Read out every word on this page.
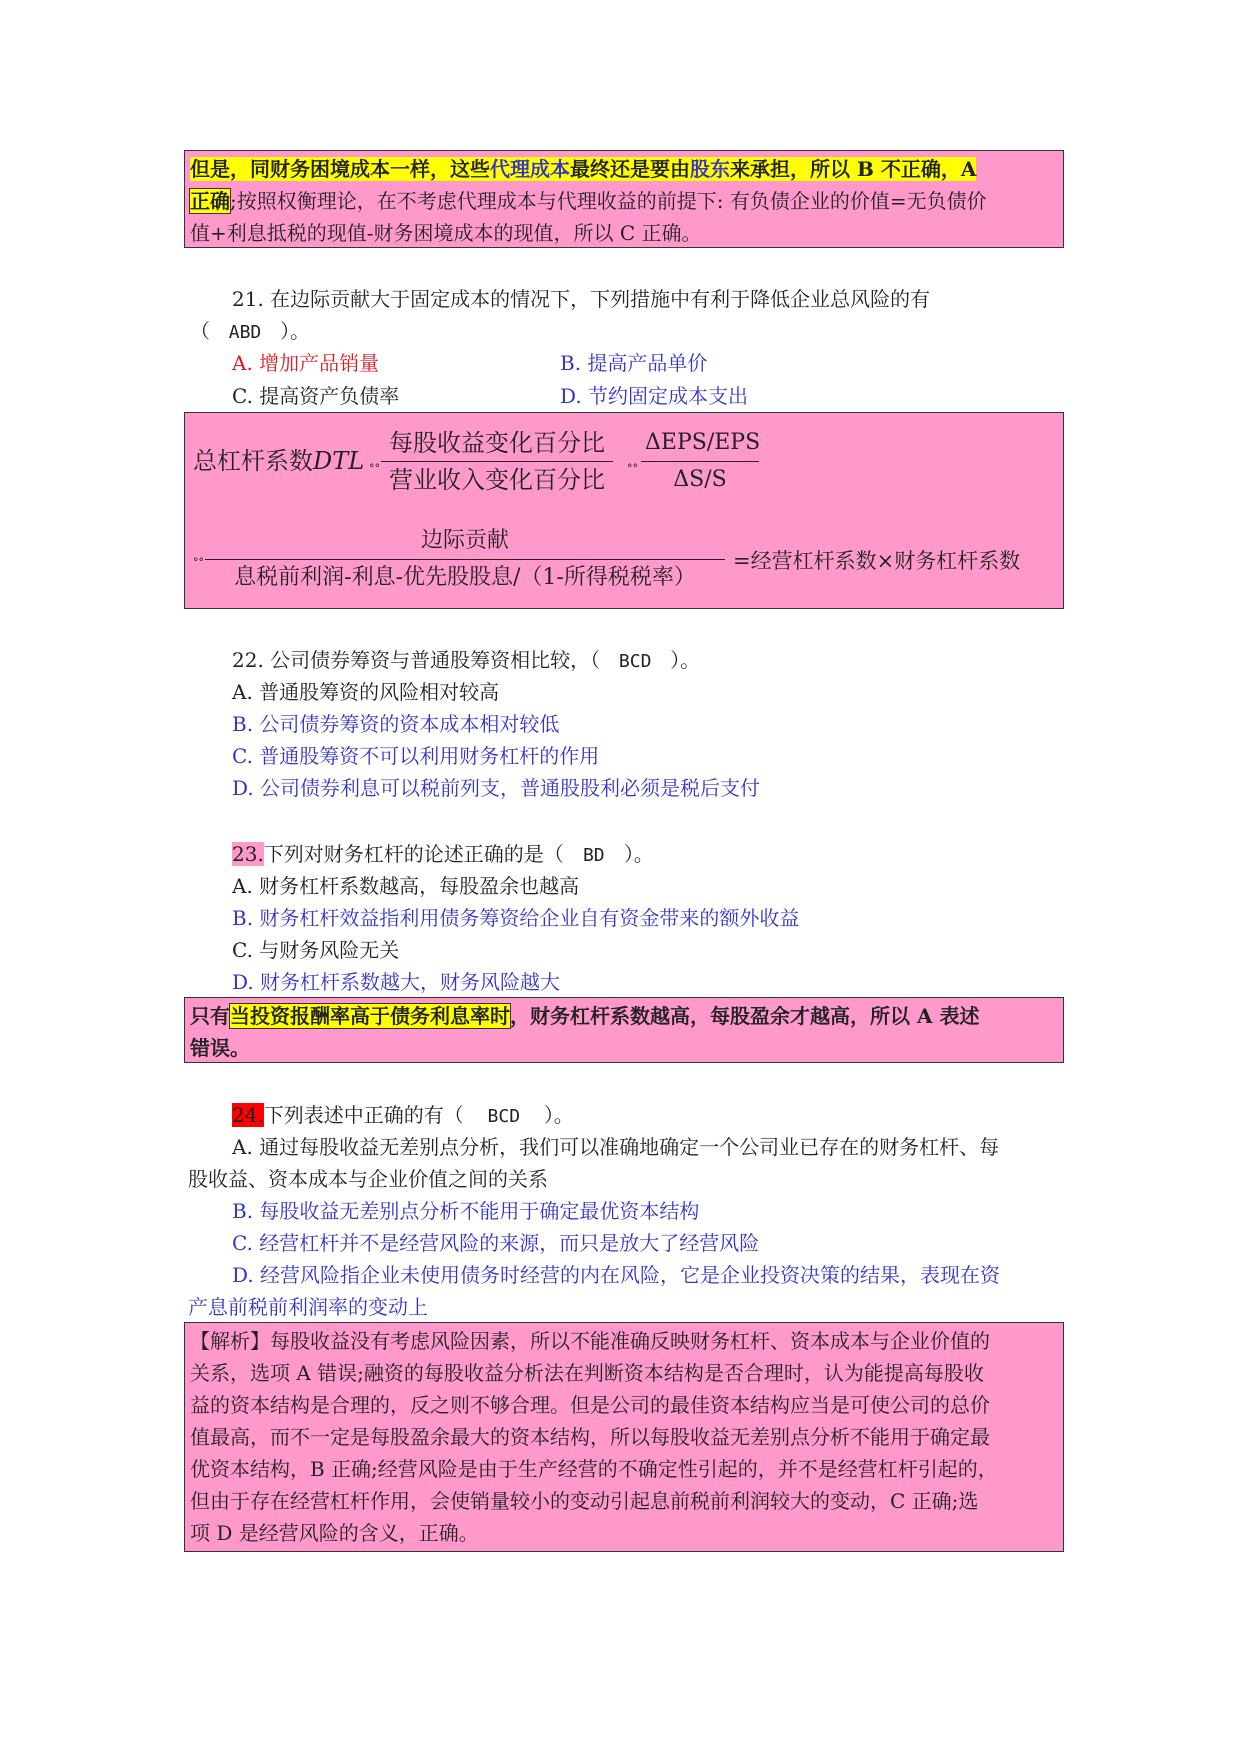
但是，同财务困境成本一样，这些代理成本最终还是要由股东来承担，所以 B 不正确，A
正确;按照权衡理论，在不考虑代理成本与代理收益的前提下: 有负债企业的价值=无负债价
值+利息抵税的现值-财务困境成本的现值，所以 C 正确。
21. 在边际贡献大于固定成本的情况下，下列措施中有利于降低企业总风险的有
（ ABD ）。
A. 增加产品销量	B. 提高产品单价
C. 提高资产负债率	D. 节约固定成本支出
总杠杆系数DTL °°
每股收益变化百分比
营业收入变化百分比	°°
ΔEPS/EPS
ΔS/S
°°
边际贡献
息税前利润-利息-优先股股息/（1-所得税税率）
=经营杠杆系数×财务杠杆系数
22. 公司债券筹资与普通股筹资相比较，（ BCD ）。
A. 普通股筹资的风险相对较高
B. 公司债券筹资的资本成本相对较低
C. 普通股筹资不可以利用财务杠杆的作用
D. 公司债券利息可以税前列支，普通股股利必须是税后支付
23.下列对财务杠杆的论述正确的是（ BD ）。
A. 财务杠杆系数越高，每股盈余也越高
B. 财务杠杆效益指利用债务筹资给企业自有资金带来的额外收益
C. 与财务风险无关
D. 财务杠杆系数越大，财务风险越大
只有当投资报酬率高于债务利息率时，财务杠杆系数越高，每股盈余才越高，所以 A 表述
错误。
24.下列表述中正确的有（ BCD ）。
A. 通过每股收益无差别点分析，我们可以准确地确定一个公司业已存在的财务杠杆、每
股收益、资本成本与企业价值之间的关系
B. 每股收益无差别点分析不能用于确定最优资本结构
C. 经营杠杆并不是经营风险的来源，而只是放大了经营风险
D. 经营风险指企业未使用债务时经营的内在风险，它是企业投资决策的结果，表现在资
产息前税前利润率的变动上
【解析】每股收益没有考虑风险因素，所以不能准确反映财务杠杆、资本成本与企业价值的
关系，选项 A 错误;融资的每股收益分析法在判断资本结构是否合理时，认为能提高每股收
益的资本结构是合理的，反之则不够合理。但是公司的最佳资本结构应当是可使公司的总价
值最高，而不一定是每股盈余最大的资本结构，所以每股收益无差别点分析不能用于确定最
优资本结构，B 正确;经营风险是由于生产经营的不确定性引起的，并不是经营杠杆引起的，
但由于存在经营杠杆作用，会使销量较小的变动引起息前税前利润较大的变动，C 正确;选
项 D 是经营风险的含义，正确。
